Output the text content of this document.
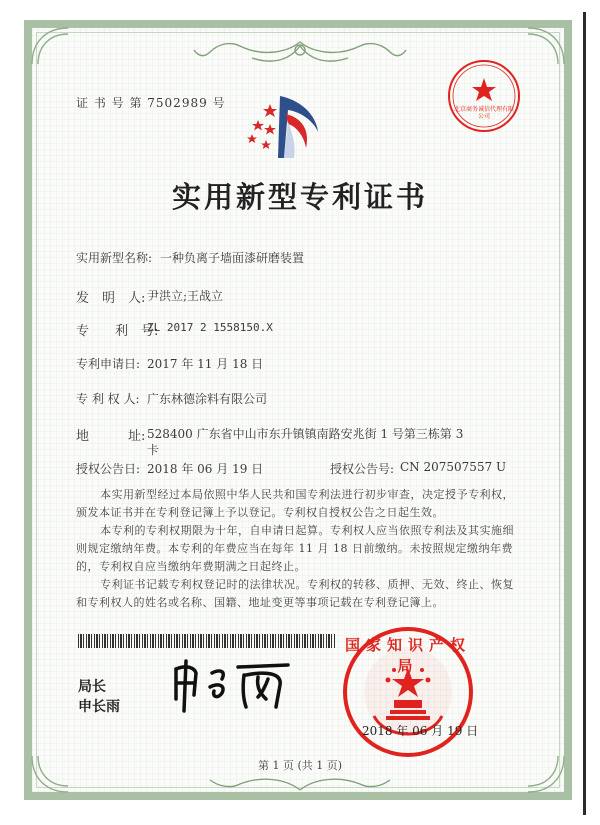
证 书 号 第 7502989 号	北京商务诚信代理有限公司
实用新型专利证书
实用新型名称: 一种负离子墙面漆研磨装置
发　明　人: 尹洪立;王战立
专　　利　号:
ZL 2017 2 1558150.X
专利申请日: 2017 年 11 月 18 日
专 利 权 人: 广东林德涂料有限公司
地　　　址: 528400 广东省中山市东升镇镇南路安兆街 1 号第三栋第 3
卡
授权公告日: 2018 年 06 月 19 日	授权公告号: CN 207507557 U
本实用新型经过本局依照中华人民共和国专利法进行初步审查，决定授予专利权，颁发本证书并在专利登记簿上予以登记。专利权自授权公告之日起生效。
本专利的专利权期限为十年，自申请日起算。专利权人应当依照专利法及其实施细则规定缴纳年费。本专利的年费应当在每年 11 月 18 日前缴纳。未按照规定缴纳年费的，专利权自应当缴纳年费期满之日起终止。
专利证书记载专利权登记时的法律状况。专利权的转移、质押、无效、终止、恢复和专利权人的姓名或名称、国籍、地址变更等事项记载在专利登记簿上。
局长
申长雨
国家知识产权局
2018 年 06 月 19 日
第 1 页 (共 1 页)
